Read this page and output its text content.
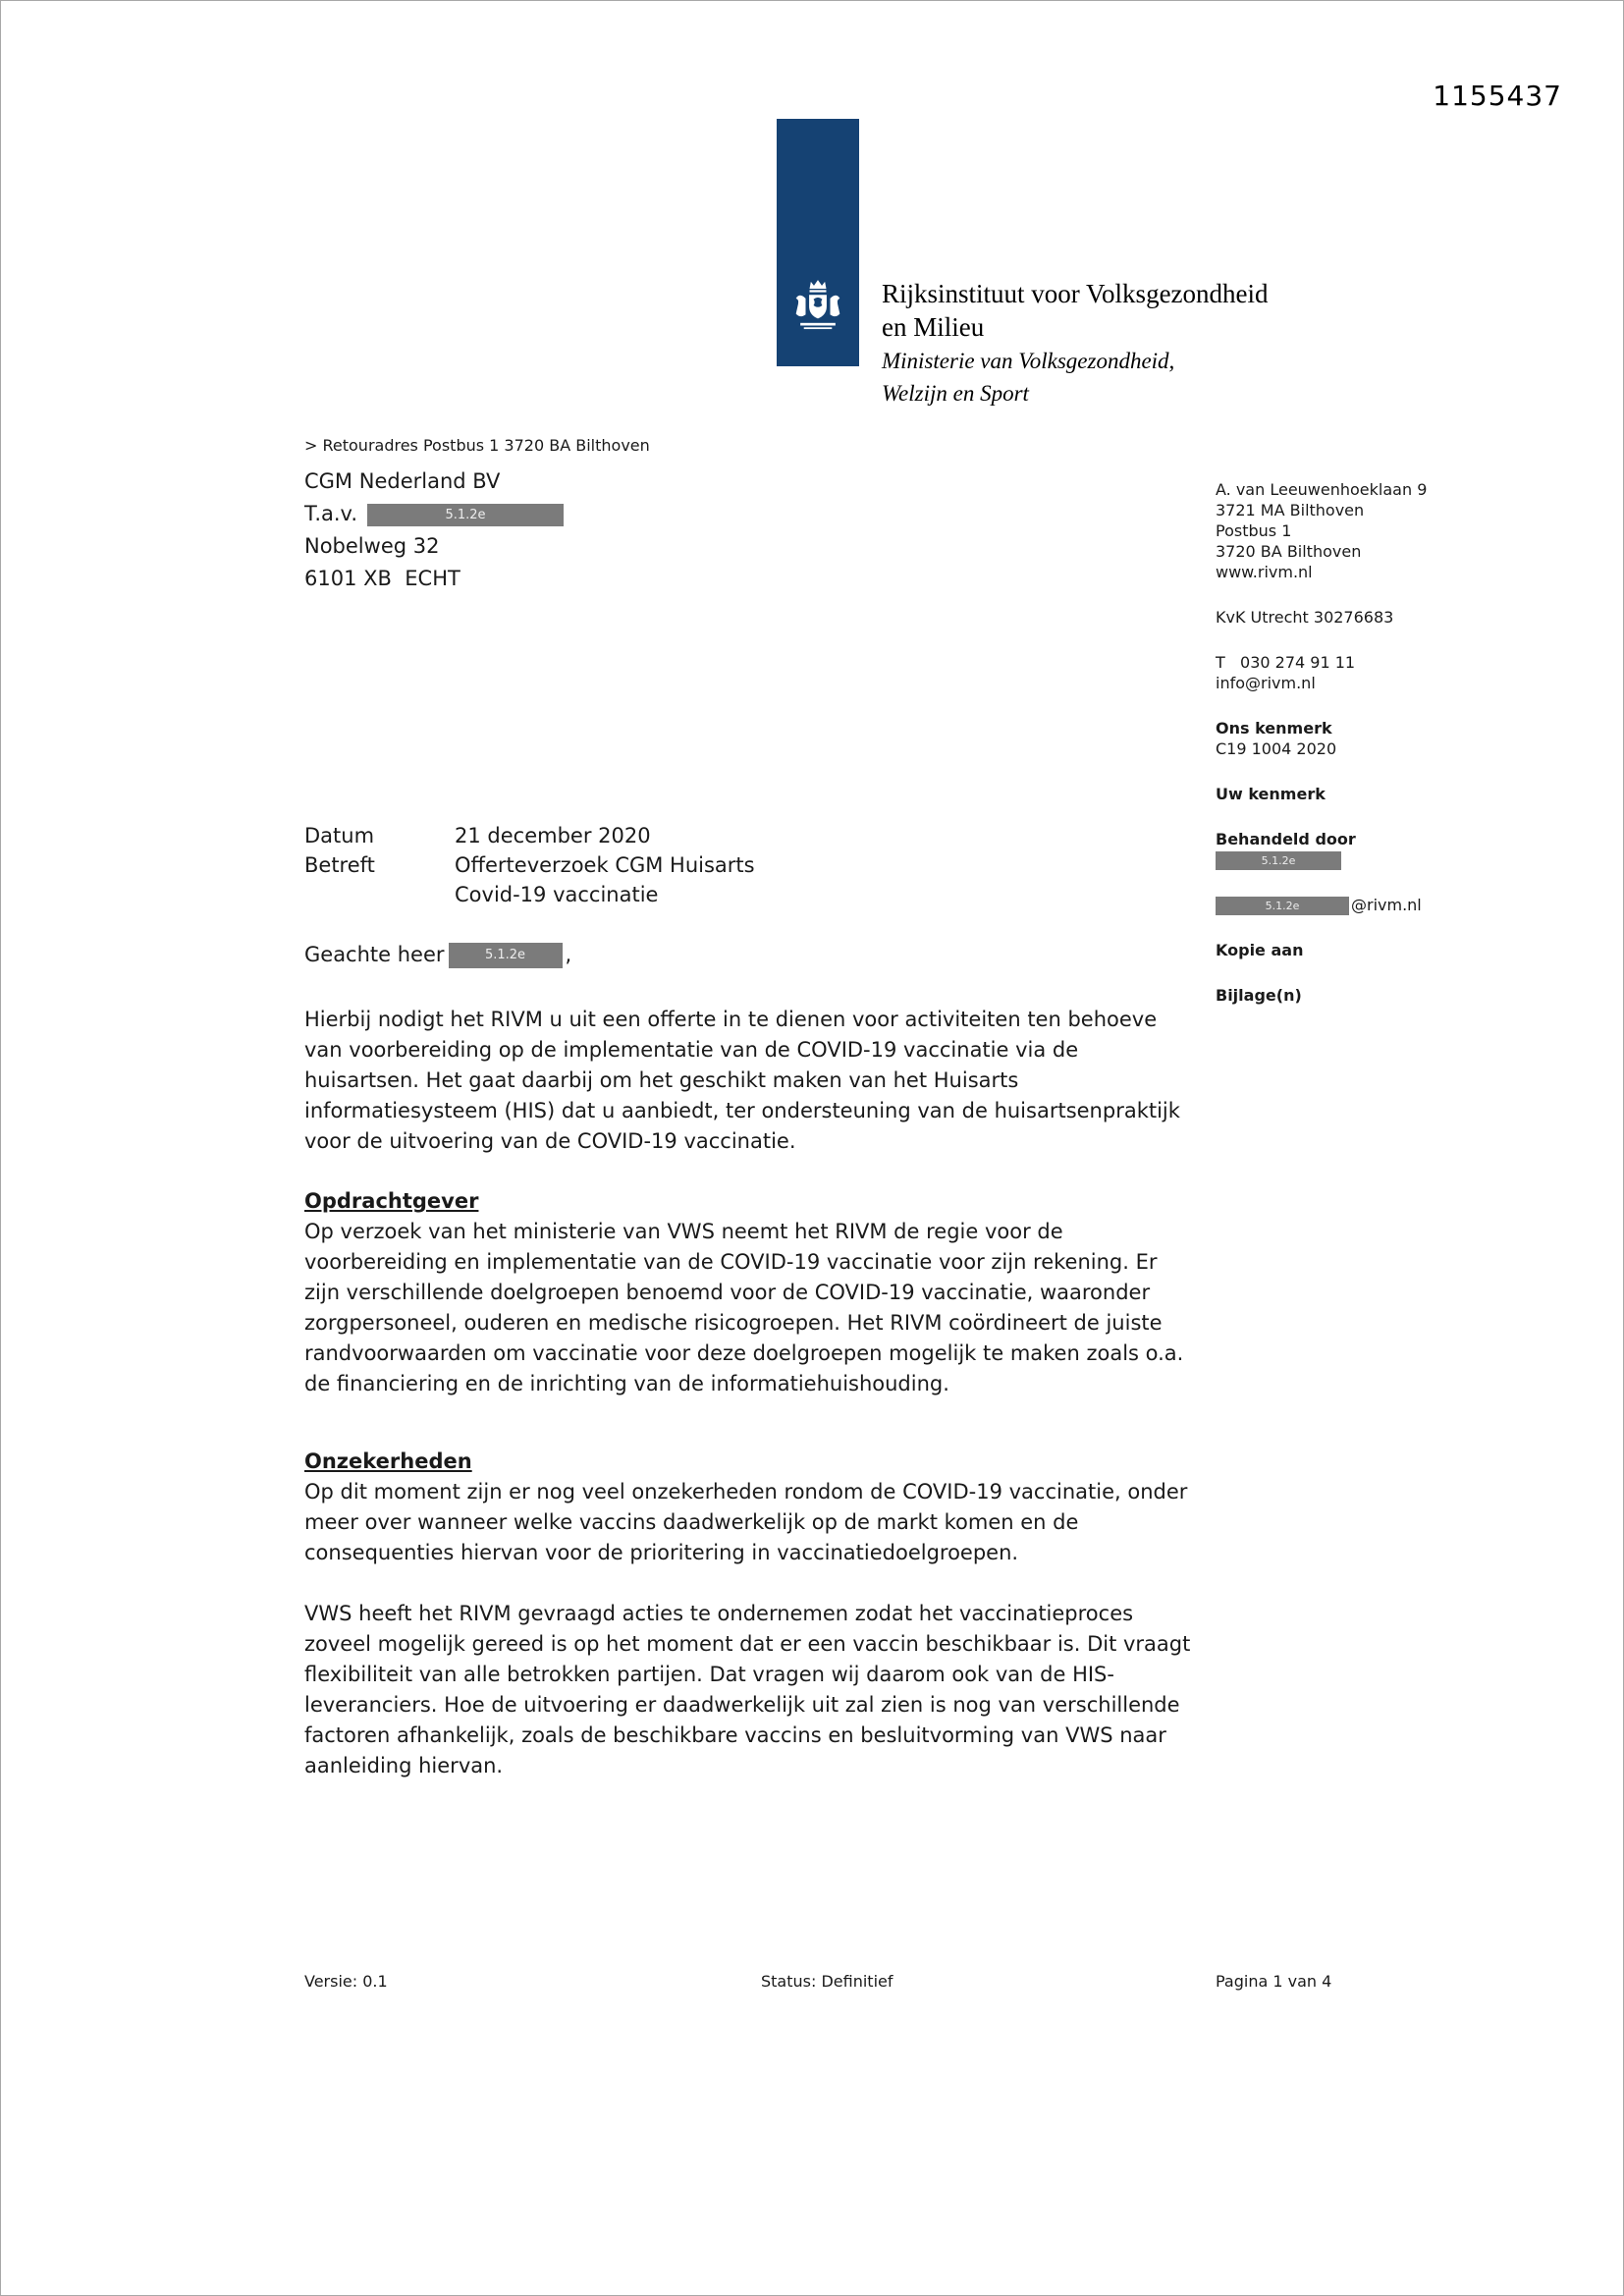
1155437
Rijksinstituut voor Volksgezondheid
en Milieu
Ministerie van Volksgezondheid,
Welzijn en Sport
> Retouradres Postbus 1 3720 BA Bilthoven
CGM Nederland BV
T.a.v.	5.1.2e
Nobelweg 32
6101 XB  ECHT
A. van Leeuwenhoeklaan 9
3721 MA Bilthoven
Postbus 1
3720 BA Bilthoven
www.rivm.nl
KvK Utrecht 30276683
T   030 274 91 11
info@rivm.nl
Ons kenmerk
C19 1004 2020
Uw kenmerk
Behandeld door
5.1.2e
5.1.2e	@rivm.nl
Kopie aan
Bijlage(n)
Datum	21 december 2020
Betreft	Offerteverzoek CGM Huisarts
Covid-19 vaccinatie
Geachte heer	5.1.2e ,

Hierbij nodigt het RIVM u uit een offerte in te dienen voor activiteiten ten behoeve van voorbereiding op de implementatie van de COVID-19 vaccinatie via de huisartsen. Het gaat daarbij om het geschikt maken van het Huisarts informatiesysteem (HIS) dat u aanbiedt, ter ondersteuning van de huisartsenpraktijk voor de uitvoering van de COVID-19 vaccinatie.

Opdrachtgever

Op verzoek van het ministerie van VWS neemt het RIVM de regie voor de voorbereiding en implementatie van de COVID-19 vaccinatie voor zijn rekening. Er zijn verschillende doelgroepen benoemd voor de COVID-19 vaccinatie, waaronder zorgpersoneel, ouderen en medische risicogroepen. Het RIVM coördineert de juiste randvoorwaarden om vaccinatie voor deze doelgroepen mogelijk te maken zoals o.a. de financiering en de inrichting van de informatiehuishouding.

Onzekerheden

Op dit moment zijn er nog veel onzekerheden rondom de COVID-19 vaccinatie, onder meer over wanneer welke vaccins daadwerkelijk op de markt komen en de consequenties hiervan voor de prioritering in vaccinatiedoelgroepen.

VWS heeft het RIVM gevraagd acties te ondernemen zodat het vaccinatieproces zoveel mogelijk gereed is op het moment dat er een vaccin beschikbaar is. Dit vraagt flexibiliteit van alle betrokken partijen. Dat vragen wij daarom ook van de HIS-leveranciers. Hoe de uitvoering er daadwerkelijk uit zal zien is nog van verschillende factoren afhankelijk, zoals de beschikbare vaccins en besluitvorming van VWS naar aanleiding hiervan.

Versie: 0.1	Status: Definitief	Pagina 1 van 4
